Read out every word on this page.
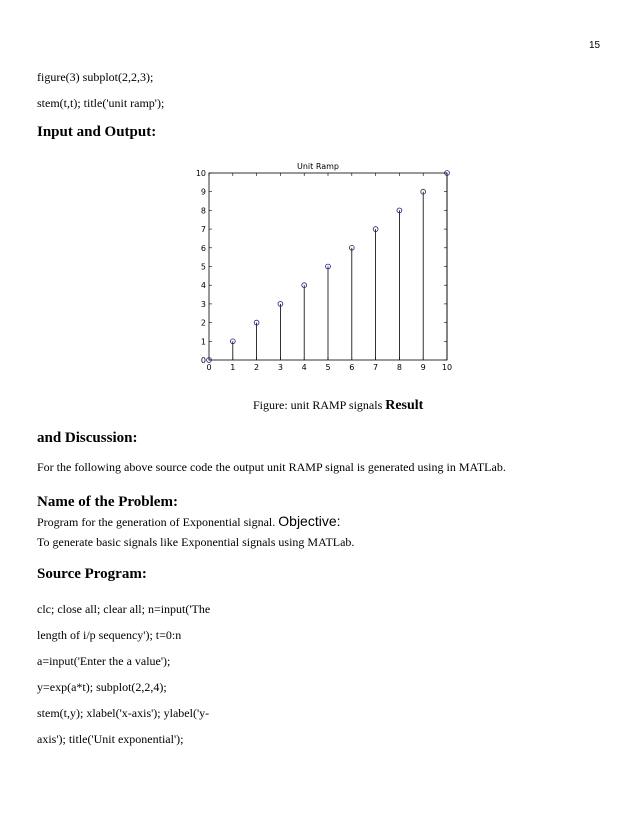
15
figure(3) subplot(2,2,3);
stem(t,t); title('unit ramp');
Input and Output:
Unit Ramp
0 1 2 3 4 5 6 7 8 9 10
0
1
2
3
4
5
6
7
8
9
10
Figure: unit RAMP signals Result
and Discussion:
For the following above source code the output unit RAMP signal is generated using in MATLab.
Name of the Problem:
Program for the generation of Exponential signal. Objective:
To generate basic signals like Exponential signals using MATLab.
Source Program:
clc; close all; clear all; n=input('The
length of i/p sequency'); t=0:n
a=input('Enter the a value');
y=exp(a*t); subplot(2,2,4);
stem(t,y); xlabel('x-axis'); ylabel('y-
axis'); title('Unit exponential');
